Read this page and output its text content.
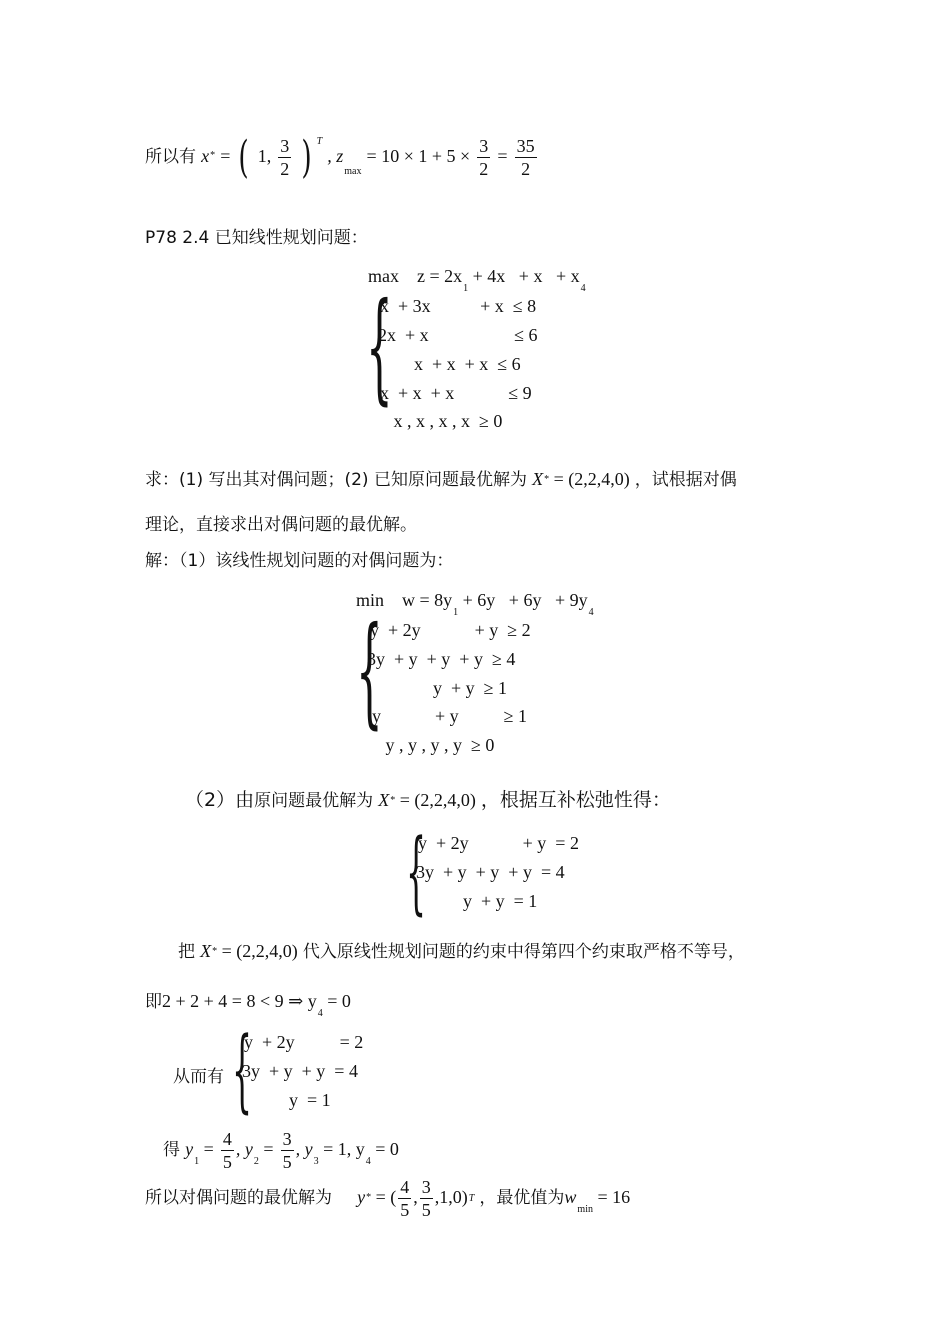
所以有 x* = ( 1, $\frac{3}{2}$ ) $^T$ , $z_{max} = 10 \times 1 + 5 \times \frac{3}{2} = \frac{35}{2}$
P78 2.4 已知线性规划问题：
max    $z = 2x_1 + 4x + x + x_4$
{
x  + 3x           + x  ≤ 8
2x  + x                   ≤ 6
x  + x  + x  ≤ 6
x  + x  + x            ≤ 9
x , x , x , x  ≥ 0
求：(1) 写出其对偶问题；(2) 已知原问题最优解为 X* = (2,2,4,0) ，试根据对偶
理论，直接求出对偶问题的最优解。
解：（1）该线性规划问题的对偶问题为：
min    $w = 8y_1 + 6y + 6y + 9y_4$
{
y  + 2y            + y  ≥ 2
3y  + y  + y  + y  ≥ 4
y  + y  ≥ 1
y            + y          ≥ 1
y , y , y , y  ≥ 0
（2）由原问题最优解为 X* = (2,2,4,0) ，根据互补松弛性得：
{
y  + 2y            + y  = 2
3y  + y  + y  + y  = 4
y  + y  = 1
把 X* = (2,2,4,0) 代入原线性规划问题的约束中得第四个约束取严格不等号，
即2 + 2 + 4 = 8 < 9 ⇒ $y_4 = 0$
从而有 {
y  + 2y          = 2
3y  + y  + y  = 4
y  = 1
得 $y_1 = \frac{4}{5}$ , $y_2 = \frac{3}{5}$ , $y_3 = 1$, $y_4 = 0$
所以对偶问题的最优解为 y* = ( $\frac{4}{5}$ , $\frac{3}{5} ,1,0)T$ ，最优值为$w_{min} = 16$
